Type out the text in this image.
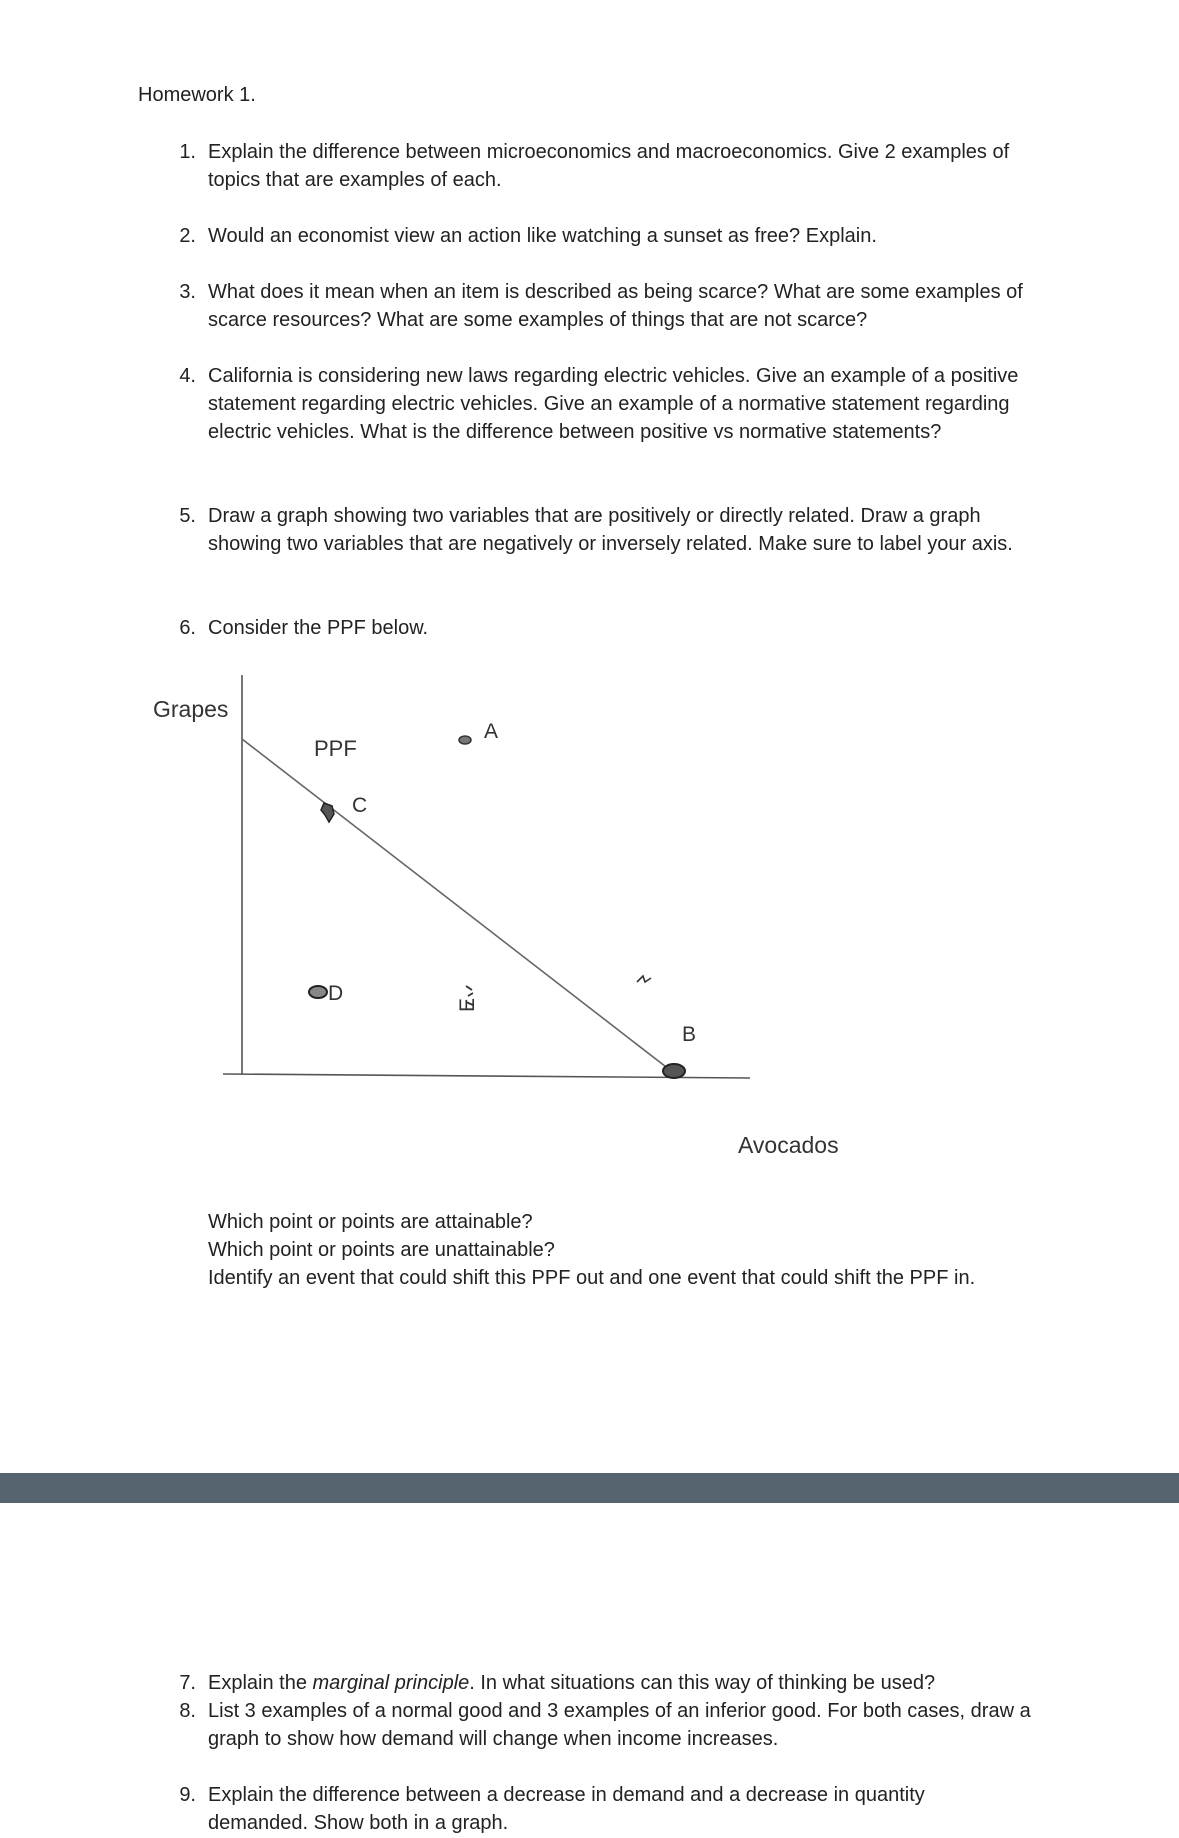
Homework 1.
1. Explain the difference between microeconomics and macroeconomics. Give 2 examples of topics that are examples of each.
2. Would an economist view an action like watching a sunset as free? Explain.
3. What does it mean when an item is described as being scarce? What are some examples of scarce resources? What are some examples of things that are not scarce?
4. California is considering new laws regarding electric vehicles. Give an example of a positive statement regarding electric vehicles. Give an example of a normative statement regarding electric vehicles. What is the difference between positive vs normative statements?
5. Draw a graph showing two variables that are positively or directly related. Draw a graph showing two variables that are negatively or inversely related. Make sure to label your axis.
6. Consider the PPF below.
Grapes
Avocados
PPF
A
C
D	E
B
Which point or points are attainable?
Which point or points are unattainable?
Identify an event that could shift this PPF out and one event that could shift the PPF in.
7. Explain the marginal principle. In what situations can this way of thinking be used?
8. List 3 examples of a normal good and 3 examples of an inferior good. For both cases, draw a graph to show how demand will change when income increases.
9. Explain the difference between a decrease in demand and a decrease in quantity demanded. Show both in a graph.
